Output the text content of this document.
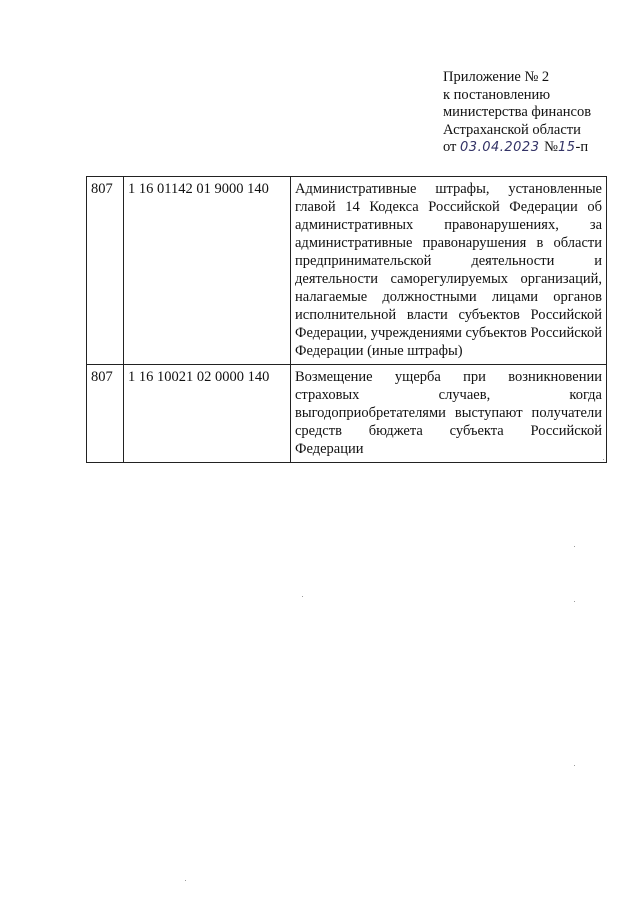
Приложение № 2
к постановлению
министерства финансов
Астраханской области
от 03.04.2023 №15-п
807	1 16 01142 01 9000 140	Административные штрафы, установленные главой 14 Кодекса Российской Федерации об административных правонарушениях, за административные правонарушения в области предпринимательской деятельности и деятельности саморегулируемых организаций, налагаемые должностными лицами органов исполнительной власти субъектов Российской Федерации, учреждениями субъектов Российской Федерации (иные штрафы)
807	1 16 10021 02 0000 140	Возмещение ущерба при возникновении страховых случаев, когда выгодоприобретателями выступают получатели средств бюджета субъекта Российской Федерации
